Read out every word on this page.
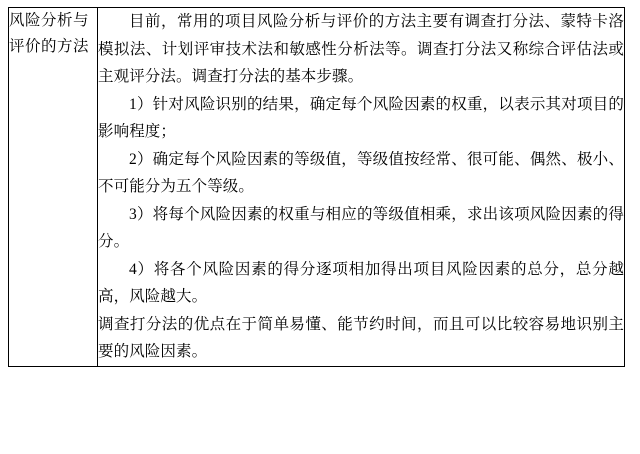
风险分析与评价的方法

目前，常用的项目风险分析与评价的方法主要有调查打分法、蒙特卡洛模拟法、计划评审技术法和敏感性分析法等。调查打分法又称综合评估法或主观评分法。调查打分法的基本步骤。

1）针对风险识别的结果，确定每个风险因素的权重，以表示其对项目的影响程度；

2）确定每个风险因素的等级值，等级值按经常、很可能、偶然、极小、不可能分为五个等级。

3）将每个风险因素的权重与相应的等级值相乘，求出该项风险因素的得分。

4）将各个风险因素的得分逐项相加得出项目风险因素的总分，总分越高，风险越大。

调查打分法的优点在于简单易懂、能节约时间，而且可以比较容易地识别主要的风险因素。
